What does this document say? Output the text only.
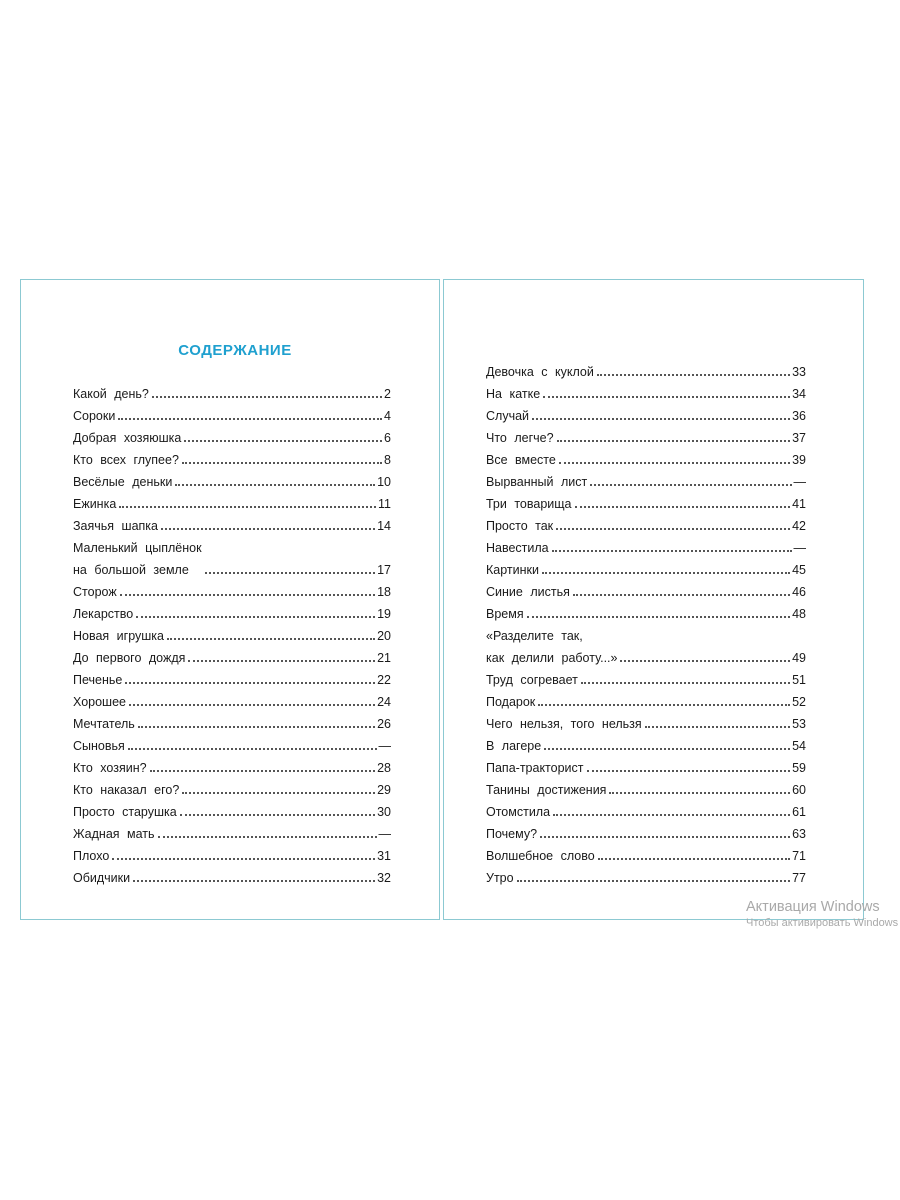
СОДЕРЖАНИЕ
Какой день?	2
Сороки	4
Добрая хозяюшка	6
Кто всех глупее?	8
Весёлые деньки	10
Ежинка	11
Заячья шапка	14
Маленький цыплёнок
на большой земле	17
Сторож	18
Лекарство	19
Новая игрушка	20
До первого дождя	21
Печенье	22
Хорошее	24
Мечтатель	26
Сыновья	—
Кто хозяин?	28
Кто наказал его?	29
Просто старушка	30
Жадная мать	—
Плохо	31
Обидчики	32
Девочка с куклой	33
На катке	34
Случай	36
Что легче?	37
Все вместе	39
Вырванный лист	—
Три товарища	41
Просто так	42
Навестила	—
Картинки	45
Синие листья	46
Время	48
«Разделите так,
как делили работу...»	49
Труд согревает	51
Подарок	52
Чего нельзя, того нельзя	53
В лагере	54
Папа-тракторист	59
Танины достижения	60
Отомстила	61
Почему?	63
Волшебное слово	71
Утро	77
Активация Windows
Чтобы активировать Windows
